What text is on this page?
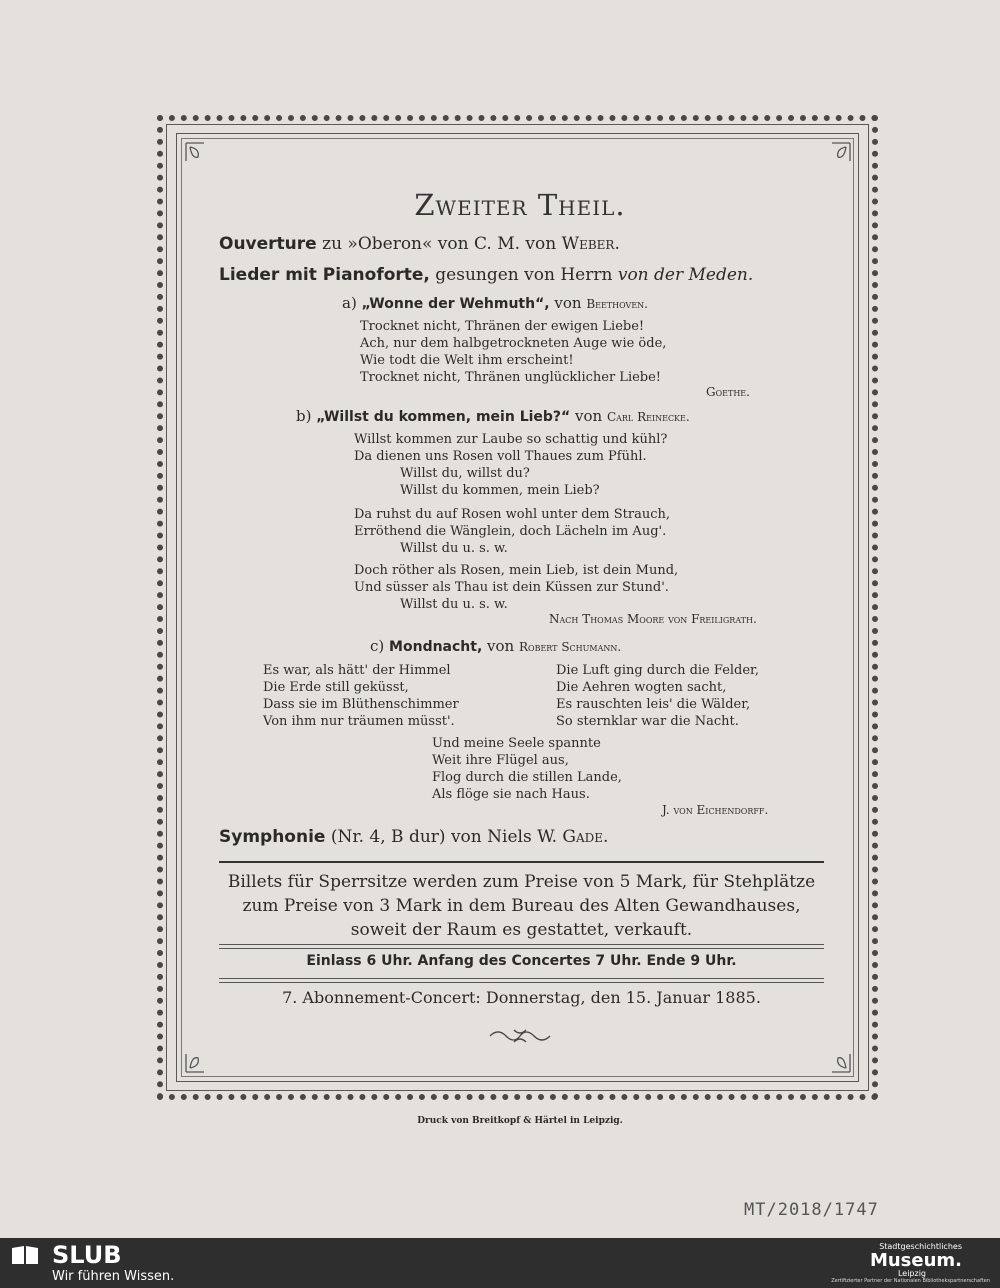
Zweiter Theil.
Ouverture zu »Oberon« von C. M. von Weber.
Lieder mit Pianoforte, gesungen von Herrn von der Meden.
a) „Wonne der Wehmuth“, von Beethoven.
Trocknet nicht, Thränen der ewigen Liebe!
Ach, nur dem halbgetrockneten Auge wie öde,
Wie todt die Welt ihm erscheint!
Trocknet nicht, Thränen unglücklicher Liebe!
Goethe.
b) „Willst du kommen, mein Lieb?“ von Carl Reinecke.
Willst kommen zur Laube so schattig und kühl?
Da dienen uns Rosen voll Thaues zum Pfühl.
Willst du, willst du?
Willst du kommen, mein Lieb?
Da ruhst du auf Rosen wohl unter dem Strauch,
Erröthend die Wänglein, doch Lächeln im Aug'.
Willst du u. s. w.
Doch röther als Rosen, mein Lieb, ist dein Mund,
Und süsser als Thau ist dein Küssen zur Stund'.
Willst du u. s. w.
Nach Thomas Moore von Freiligrath.
c) Mondnacht, von Robert Schumann.
Es war, als hätt' der Himmel
Die Erde still geküsst,
Dass sie im Blüthenschimmer
Von ihm nur träumen müsst'.
Die Luft ging durch die Felder,
Die Aehren wogten sacht,
Es rauschten leis' die Wälder,
So sternklar war die Nacht.
Und meine Seele spannte
Weit ihre Flügel aus,
Flog durch die stillen Lande,
Als flöge sie nach Haus.
J. von Eichendorff.
Symphonie (Nr. 4, B dur) von Niels W. Gade.
Billets für Sperrsitze werden zum Preise von 5 Mark, für Stehplätze zum Preise von 3 Mark in dem Bureau des Alten Gewandhauses, soweit der Raum es gestattet, verkauft.
Einlass 6 Uhr. Anfang des Concertes 7 Uhr. Ende 9 Uhr.
7. Abonnement-Concert: Donnerstag, den 15. Januar 1885.
Druck von Breitkopf & Härtel in Leipzig.
MT/2018/1747
SLUB
Wir führen Wissen.
Stadtgeschichtliches
Museum.
Leipzig
Zertifizierter Partner der Nationalen Bibliothekspartnerschaften
